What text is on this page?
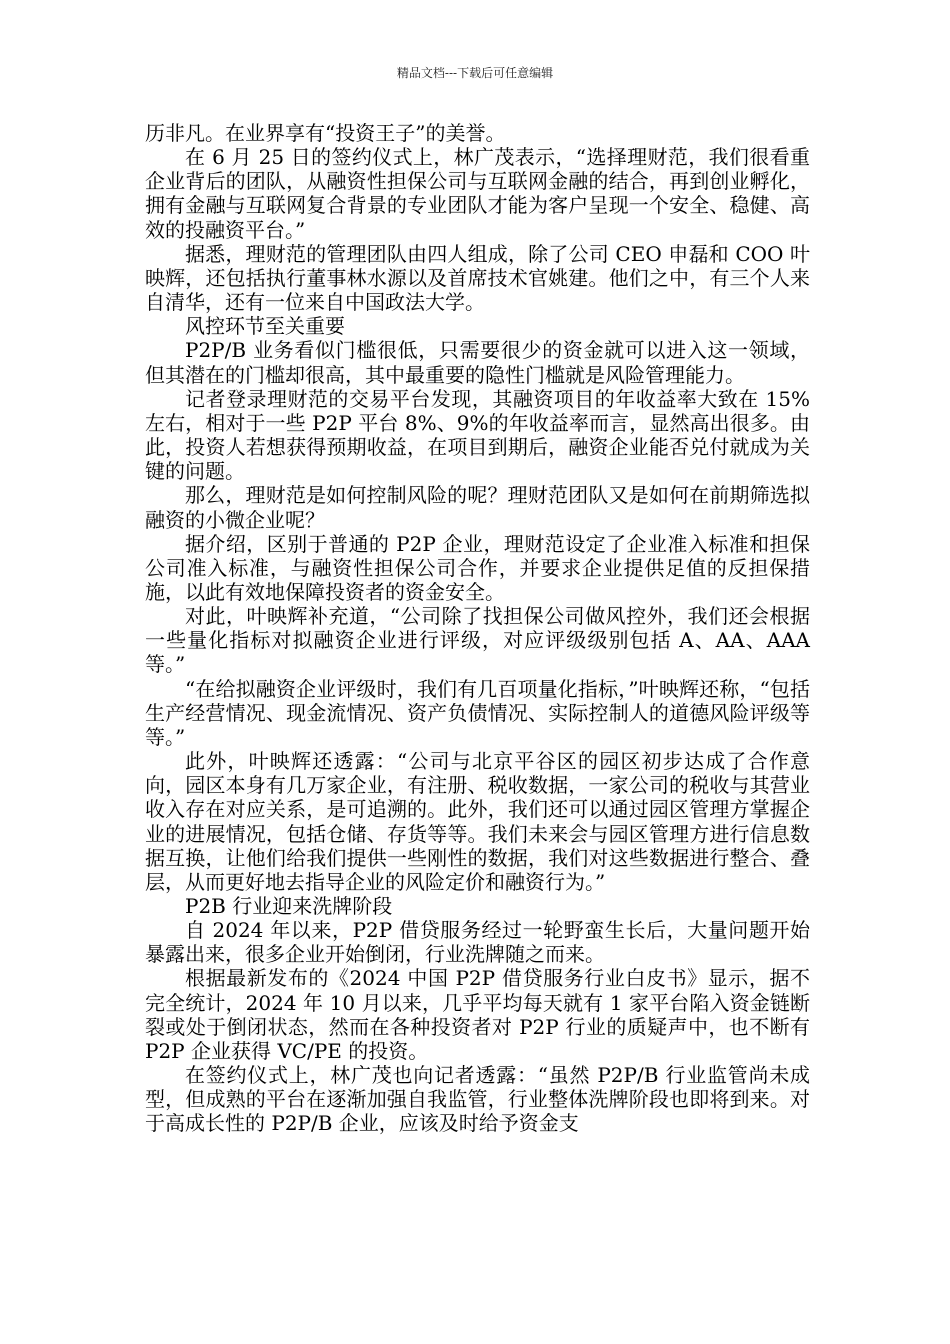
精品文档---下载后可任意编辑

历非凡。在业界享有“投资王子”的美誉。

在 6 月 25 日的签约仪式上，林广茂表示，“选择理财范，我们很看重企业背后的团队，从融资性担保公司与互联网金融的结合，再到创业孵化，拥有金融与互联网复合背景的专业团队才能为客户呈现一个安全、稳健、高效的投融资平台。”

据悉，理财范的管理团队由四人组成，除了公司 CEO 申磊和 COO 叶映辉，还包括执行董事林水源以及首席技术官姚建。他们之中，有三个人来自清华，还有一位来自中国政法大学。

风控环节至关重要

P2P/B 业务看似门槛很低，只需要很少的资金就可以进入这一领域，但其潜在的门槛却很高，其中最重要的隐性门槛就是风险管理能力。

记者登录理财范的交易平台发现，其融资项目的年收益率大致在 15%左右，相对于一些 P2P 平台 8%、9%的年收益率而言，显然高出很多。由此，投资人若想获得预期收益，在项目到期后，融资企业能否兑付就成为关键的问题。

那么，理财范是如何控制风险的呢？理财范团队又是如何在前期筛选拟融资的小微企业呢？

据介绍，区别于普通的 P2P 企业，理财范设定了企业准入标准和担保公司准入标准，与融资性担保公司合作，并要求企业提供足值的反担保措施，以此有效地保障投资者的资金安全。

对此，叶映辉补充道，“公司除了找担保公司做风控外，我们还会根据一些量化指标对拟融资企业进行评级，对应评级级别包括 A、AA、AAA 等。”

“在给拟融资企业评级时，我们有几百项量化指标，”叶映辉还称，“包括生产经营情况、现金流情况、资产负债情况、实际控制人的道德风险评级等等。”

此外，叶映辉还透露：“公司与北京平谷区的园区初步达成了合作意向，园区本身有几万家企业，有注册、税收数据，一家公司的税收与其营业收入存在对应关系，是可追溯的。此外，我们还可以通过园区管理方掌握企业的进展情况，包括仓储、存货等等。我们未来会与园区管理方进行信息数据互换，让他们给我们提供一些刚性的数据，我们对这些数据进行整合、叠层，从而更好地去指导企业的风险定价和融资行为。”

P2B 行业迎来洗牌阶段

自 2024 年以来，P2P 借贷服务经过一轮野蛮生长后，大量问题开始暴露出来，很多企业开始倒闭，行业洗牌随之而来。

根据最新发布的《2024 中国 P2P 借贷服务行业白皮书》显示，据不完全统计，2024 年 10 月以来，几乎平均每天就有 1 家平台陷入资金链断裂或处于倒闭状态，然而在各种投资者对 P2P 行业的质疑声中，也不断有 P2P 企业获得 VC/PE 的投资。

在签约仪式上，林广茂也向记者透露：“虽然 P2P/B 行业监管尚未成型，但成熟的平台在逐渐加强自我监管，行业整体洗牌阶段也即将到来。对于高成长性的 P2P/B 企业，应该及时给予资金支
